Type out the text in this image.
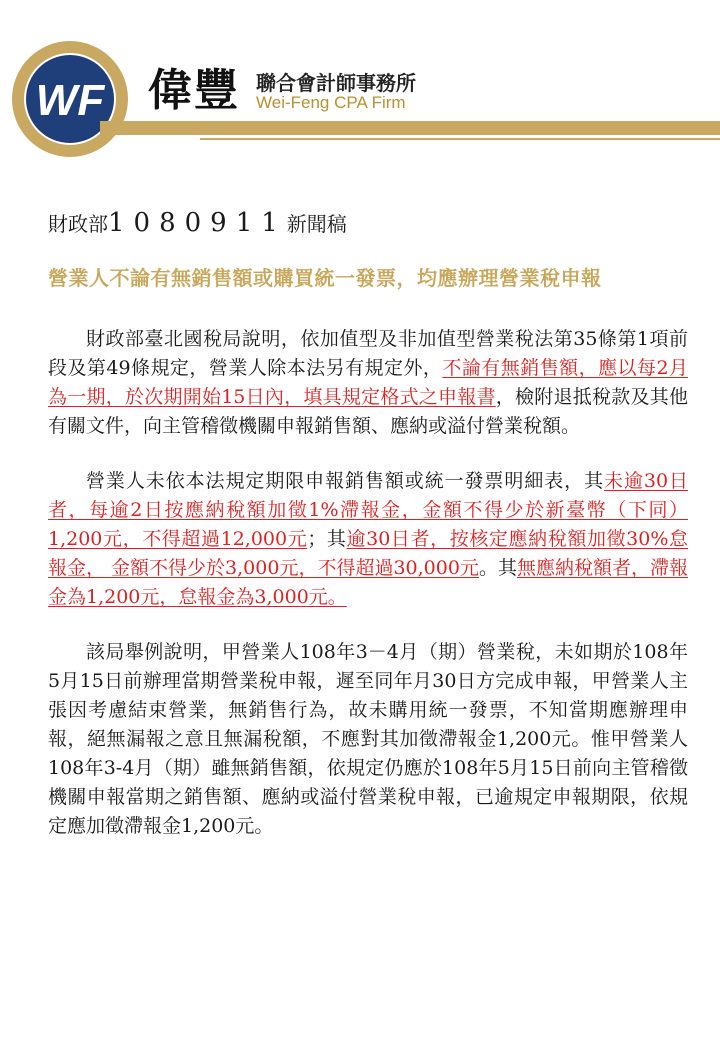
WF 偉豐 聯合會計師事務所
Wei-Feng CPA Firm

財政部1080911新聞稿

營業人不論有無銷售額或購買統一發票，均應辦理營業稅申報

財政部臺北國稅局說明，依加值型及非加值型營業稅法第35條第1項前段及第49條規定，營業人除本法另有規定外，不論有無銷售額，應以每2月為一期，於次期開始15日內，填具規定格式之申報書，檢附退抵稅款及其他有關文件，向主管稽徵機關申報銷售額、應納或溢付營業稅額。

營業人未依本法規定期限申報銷售額或統一發票明細表，其未逾30日者，每逾2日按應納稅額加徵1%滯報金，金額不得少於新臺幣（下同）1,200元，不得超過12,000元；其逾30日者，按核定應納稅額加徵30%怠報金， 金額不得少於3,000元，不得超過30,000元。其無應納稅額者，滯報金為1,200元，怠報金為3,000元。

該局舉例說明，甲營業人108年3－4月（期）營業稅，未如期於108年5月15日前辦理當期營業稅申報，遲至同年月30日方完成申報，甲營業人主張因考慮結束營業，無銷售行為，故未購用統一發票，不知當期應辦理申報，絕無漏報之意且無漏稅額，不應對其加徵滯報金1,200元。惟甲營業人108年3-4月（期）雖無銷售額，依規定仍應於108年5月15日前向主管稽徵機關申報當期之銷售額、應納或溢付營業稅申報，已逾規定申報期限，依規定應加徵滯報金1,200元。
